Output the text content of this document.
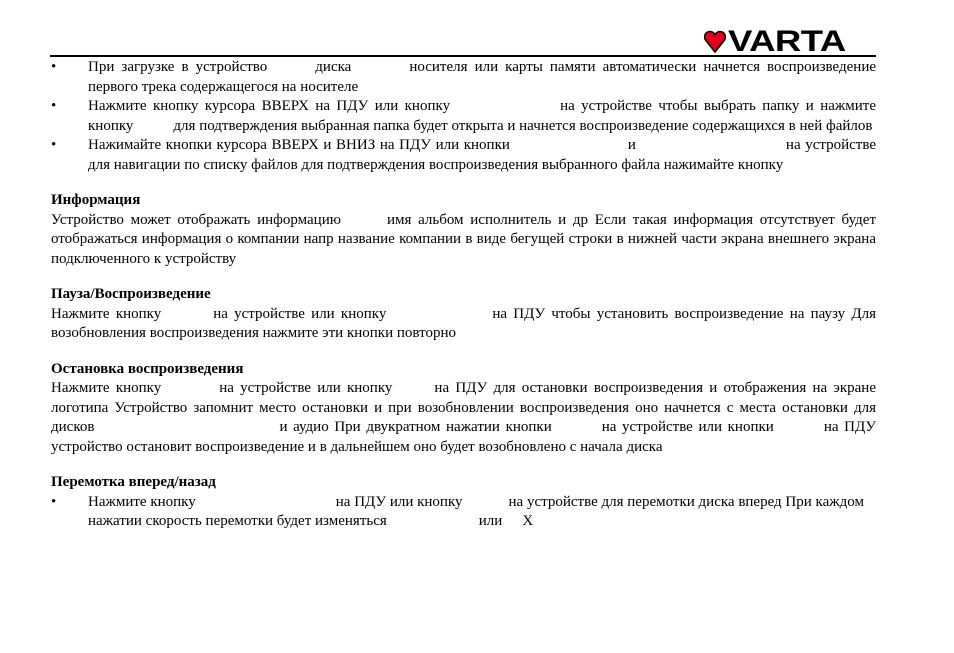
VARTA
•	При загрузке в устройство	диска	носителя или карты памяти автоматически начнется воспроизведение первого трека содержащегося на носителе
•	Нажмите кнопку курсора ВВЕРХ на ПДУ или кнопку	на устройстве чтобы выбрать папку и нажмите кнопку	для подтверждения выбранная папка будет открыта и начнется воспроизведение содержащихся в ней файлов
•	Нажимайте кнопки курсора ВВЕРХ и ВНИЗ на ПДУ или кнопки	и	на устройстве для навигации по списку файлов для подтверждения воспроизведения выбранного файла нажимайте кнопку
Информация

Устройство может отображать информацию	имя альбом исполнитель и др Если такая информация отсутствует будет отображаться информация о компании напр название компании в виде бегущей строки в нижней части экрана внешнего экрана подключенного к устройству

Пауза/Воспроизведение

Нажмите кнопку	на устройстве или кнопку	на ПДУ чтобы установить воспроизведение на паузу Для возобновления воспроизведения нажмите эти кнопки повторно

Остановка воспроизведения

Нажмите кнопку	на устройстве или кнопку	на ПДУ для остановки воспроизведения и отображения на экране логотипа Устройство запомнит место остановки и при возобновлении воспроизведения оно начнется с места остановки для дисков	и аудио При двукратном нажатии кнопки	на устройстве или кнопки	на ПДУ устройство остановит воспроизведение и в дальнейшем оно будет возобновлено с начала диска

Перемотка вперед/назад
•	Нажмите кнопку	на ПДУ или кнопку	на устройстве для перемотки диска вперед При каждом нажатии скорость перемотки будет изменяться	или X
